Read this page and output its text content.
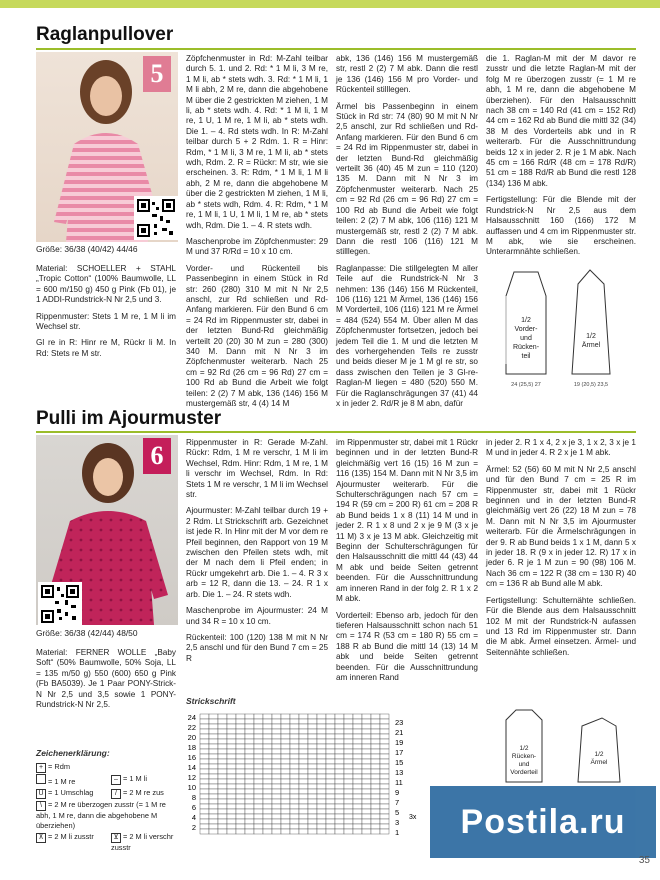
Raglanpullover
5
Größe: 36/38 (40/42) 44/46

Material: SCHOELLER + STAHL „Tropic Cotton“ (100% Baumwolle, LL = 600 m/150 g) 450 g Pink (Fb 01), je 1 ADDI-Rundstrick-N Nr 2,5 und 3.

Rippenmuster: Stets 1 M re, 1 M li im Wechsel str.

Gl re in R: Hinr re M, Rückr li M. In Rd: Stets re M str.

Zöpfchenmuster in Rd: M-Zahl teilbar durch 5. 1. und 2. Rd: * 1 M li, 3 M re, 1 M li, ab * stets wdh. 3. Rd: * 1 M li, 1 M li abh, 2 M re, dann die abgehobene M über die 2 gestrickten M ziehen, 1 M li, ab * stets wdh. 4. Rd: * 1 M li, 1 M re, 1 U, 1 M re, 1 M li, ab * stets wdh. Die 1. – 4. Rd stets wdh. In R: M-Zahl teilbar durch 5 + 2 Rdm. 1. R = Hinr: Rdm, * 1 M li, 3 M re, 1 M li, ab * stets wdh, Rdm. 2. R = Rückr: M str, wie sie erscheinen. 3. R: Rdm, * 1 M li, 1 M li abh, 2 M re, dann die abgehobene M über die 2 gestrickten M ziehen, 1 M li, ab * stets wdh, Rdm. 4. R: Rdm, * 1 M re, 1 M li, 1 U, 1 M li, 1 M re, ab * stets wdh, Rdm. Die 1. – 4. R stets wdh.

Maschenprobe im Zöpfchenmuster: 29 M und 37 R/Rd = 10 x 10 cm.

Vorder- und Rückenteil bis Passenbeginn in einem Stück in Rd str: 260 (280) 310 M mit N Nr 2,5 anschl, zur Rd schließen und Rd-Anfang markieren. Für den Bund 6 cm = 24 Rd im Rippenmuster str, dabei in der letzten Bund-Rd gleichmäßig verteilt 20 (20) 30 M zun = 280 (300) 340 M. Dann mit N Nr 3 im Zöpfchenmuster weiterarb. Nach 25 cm = 92 Rd (26 cm = 96 Rd) 27 cm = 100 Rd ab Bund die Arbeit wie folgt teilen: 2 (2) 7 M abk, 136 (146) 156 M mustergemäß str, 4 (4) 14 M

abk, 136 (146) 156 M mustergemäß str, restl 2 (2) 7 M abk. Dann die restl je 136 (146) 156 M pro Vorder- und Rückenteil stilllegen.

Ärmel bis Passenbeginn in einem Stück in Rd str: 74 (80) 90 M mit N Nr 2,5 anschl, zur Rd schließen und Rd-Anfang markieren. Für den Bund 6 cm = 24 Rd im Rippenmuster str, dabei in der letzten Bund-Rd gleichmäßig verteilt 36 (40) 45 M zun = 110 (120) 135 M. Dann mit N Nr 3 im Zöpfchenmuster weiterarb. Nach 25 cm = 92 Rd (26 cm = 96 Rd) 27 cm = 100 Rd ab Bund die Arbeit wie folgt teilen: 2 (2) 7 M abk, 106 (116) 121 M mustergemäß str, restl 2 (2) 7 M abk. Dann die restl 106 (116) 121 M stilllegen.

Raglanpasse: Die stillgelegten M aller Teile auf die Rundstrick-N Nr 3 nehmen: 136 (146) 156 M Rückenteil, 106 (116) 121 M Ärmel, 136 (146) 156 M Vorderteil, 106 (116) 121 M re Ärmel = 484 (524) 554 M. Über allen M das Zöpfchenmuster fortsetzen, jedoch bei jedem Teil die 1. M und die letzten M des vorhergehenden Teils re zusstr und beids dieser M je 1 M gl re str, so dass zwischen den Teilen je 3 Gl-re-Raglan-M liegen = 480 (520) 550 M. Für die Raglanschrägungen 37 (41) 44 x in jeder 2. Rd/R je 8 M abn, dafür

die 1. Raglan-M mit der M davor re zusstr und die letzte Raglan-M mit der folg M re überzogen zusstr (= 1 M re abh, 1 M re, dann die abgehobene M überziehen). Für den Halsausschnitt nach 38 cm = 140 Rd (41 cm = 152 Rd) 44 cm = 162 Rd ab Bund die mittl 32 (34) 38 M des Vorderteils abk und in R weiterarb. Für die Ausschnittrundung beids 12 x in jeder 2. R je 1 M abk. Nach 45 cm = 166 Rd/R (48 cm = 178 Rd/R) 51 cm = 188 Rd/R ab Bund die restl 128 (134) 136 M abk.

Fertigstellung: Für die Blende mit der Rundstrick-N Nr 2,5 aus dem Halsausschnitt 160 (166) 172 M auffassen und 4 cm im Rippenmuster str. M abk, wie sie erscheinen. Unterarmnähte schließen.

1/2 Vorder-und Rücken-teil
1/2 Ärmel
24 (25,5) 27	19 (20,5) 23,5
Pulli im Ajourmuster
6
Größe: 36/38 (42/44) 48/50

Material: FERNER WOLLE „Baby Soft“ (50% Baumwolle, 50% Soja, LL = 135 m/50 g) 550 (600) 650 g Pink (Fb BA5039). Je 1 Paar PONY-Strick-N Nr 2,5 und 3,5 sowie 1 PONY-Rundstrick-N Nr 2,5.

Zeichenerklärung:
+ = Rdm
= 1 M re	– = 1 M li
U = 1 Umschlag	/ = 2 M re zus
\ = 2 M re überzogen zusstr (= 1 M re abh, 1 M re, dann die abgehobene M überziehen)
⊼ = 2 M li zusstr	⊻ = 2 M li verschr zusstr

Rippenmuster in R: Gerade M-Zahl. Rückr: Rdm, 1 M re verschr, 1 M li im Wechsel, Rdm. Hinr: Rdm, 1 M re, 1 M li verschr im Wechsel, Rdm. In Rd: Stets 1 M re verschr, 1 M li im Wechsel str.

Ajourmuster: M-Zahl teilbar durch 19 + 2 Rdm. Lt Strickschrift arb. Gezeichnet ist jede R. In Hinr mit der M vor dem re Pfeil beginnen, den Rapport von 19 M zwischen den Pfeilen stets wdh, mit der M nach dem li Pfeil enden; in Rückr umgekehrt arb. Die 1. – 4. R 3 x arb = 12 R, dann die 13. – 24. R 1 x arb. Die 1. – 24. R stets wdh.

Maschenprobe im Ajourmuster: 24 M und 34 R = 10 x 10 cm.

Rückenteil: 100 (120) 138 M mit N Nr 2,5 anschl und für den Bund 7 cm = 25 R

im Rippenmuster str, dabei mit 1 Rückr beginnen und in der letzten Bund-R gleichmäßig vert 16 (15) 16 M zun = 116 (135) 154 M. Dann mit N Nr 3,5 im Ajourmuster weiterarb. Für die Schulterschrägungen nach 57 cm = 194 R (59 cm = 200 R) 61 cm = 208 R ab Bund beids 1 x 8 (11) 14 M und in jeder 2. R 1 x 8 und 2 x je 9 M (3 x je 11 M) 3 x je 13 M abk. Gleichzeitig mit Beginn der Schulterschrägungen für den Halsausschnitt die mittl 44 (43) 44 M abk und beide Seiten getrennt beenden. Für die Ausschnittrundung am inneren Rand in der folg 2. R 1 x 2 M abk.

Vorderteil: Ebenso arb, jedoch für den tieferen Halsausschnitt schon nach 51 cm = 174 R (53 cm = 180 R) 55 cm = 188 R ab Bund die mittl 14 (13) 14 M abk und beide Seiten getrennt beenden. Für die Ausschnittrundung am inneren Rand

in jeder 2. R 1 x 4, 2 x je 3, 1 x 2, 3 x je 1 M und in jeder 4. R 2 x je 1 M abk.

Ärmel: 52 (56) 60 M mit N Nr 2,5 anschl und für den Bund 7 cm = 25 R im Rippenmuster str, dabei mit 1 Rückr beginnen und in der letzten Bund-R gleichmäßig vert 26 (22) 18 M zun = 78 M. Dann mit N Nr 3,5 im Ajourmuster weiterarb. Für die Ärmelschrägungen in der 9. R ab Bund beids 1 x 1 M, dann 5 x in jeder 18. R (9 x in jeder 12. R) 17 x in jeder 6. R je 1 M zun = 90 (98) 106 M. Nach 36 cm = 122 R (38 cm = 130 R) 40 cm = 136 R ab Bund alle M abk.

Fertigstellung: Schulternähte schließen. Für die Blende aus dem Halsausschnitt 102 M mit der Rundstrick-N aufassen und 13 Rd im Rippenmuster str. Dann die M abk. Ärmel einsetzen. Ärmel- und Seitennähte schließen.

Strickschrift
24
22
20
18
16
14
12
10
8
6
4
2
23
21
19
17
15
13
11
9
7
5
3
1
3x
1/2 Rücken-und Vorderteil
1/2 Ärmel
Postila.ru
35
